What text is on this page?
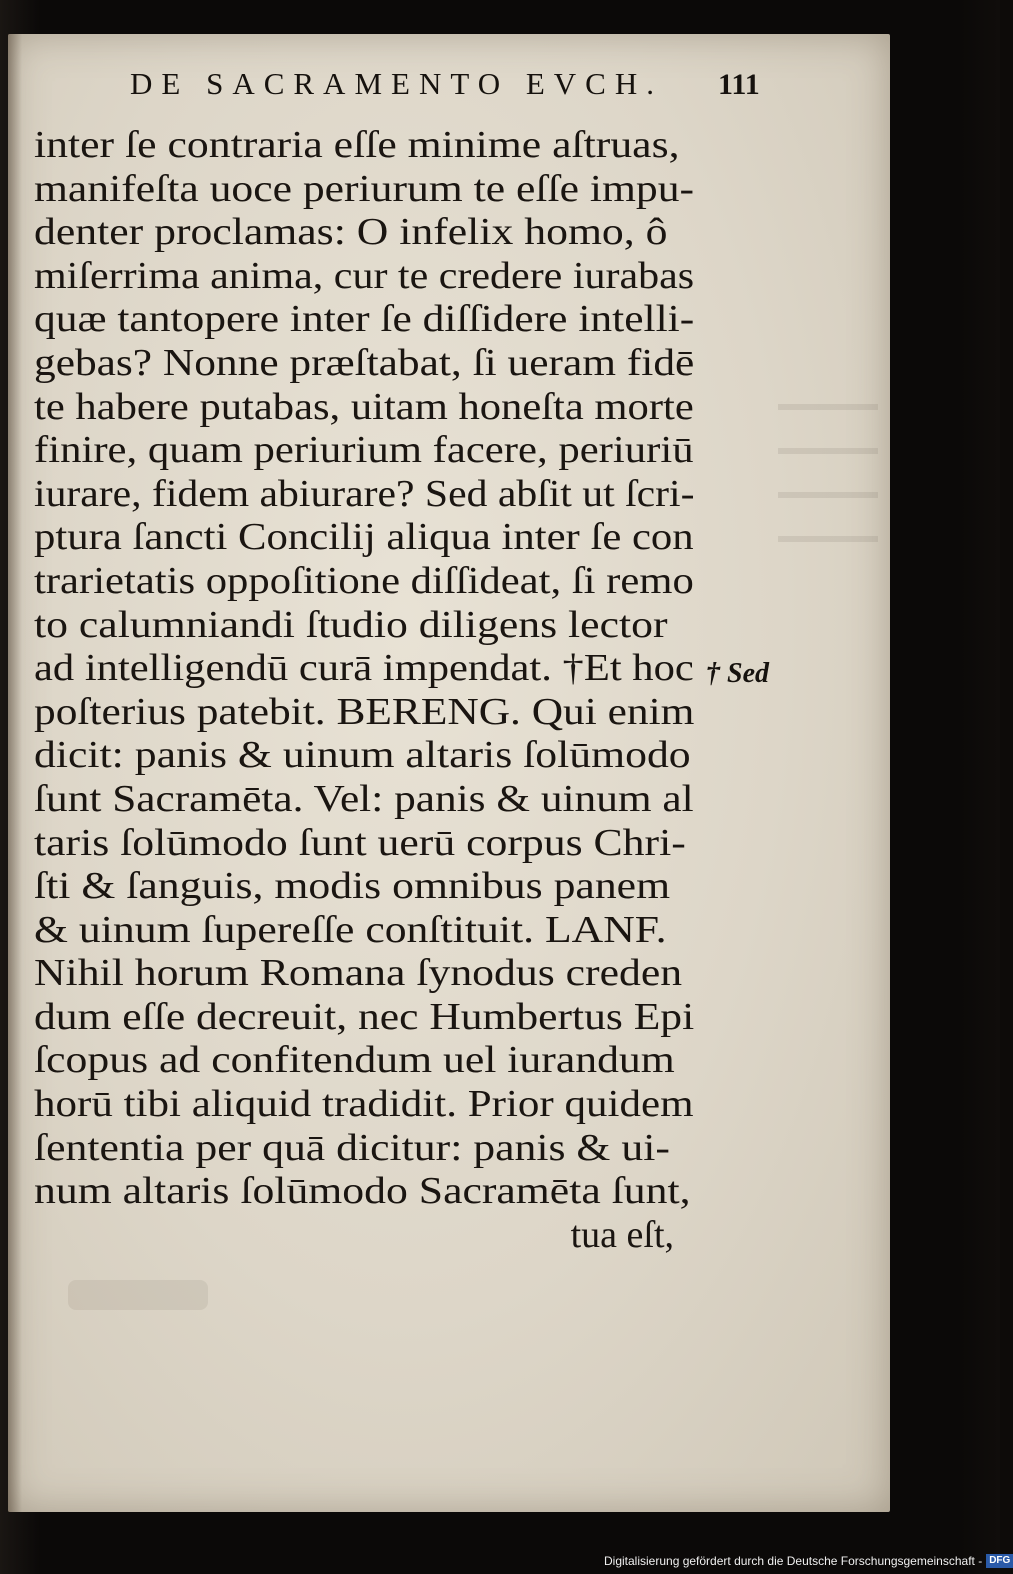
DE SACRAMENTO EVCH. 111
inter ſe contraria eſſe minime aſtruas,
manifeſta uoce periurum te eſſe impu-
denter proclamas: O infelix homo, ô
miſerrima anima, cur te credere iurabas
quæ tantopere inter ſe diſſidere intelli-
gebas? Nonne præſtabat, ſi ueram fidē
te habere putabas, uitam honeſta morte
finire, quam periurium facere, periuriū
iurare, fidem abiurare? Sed abſit ut ſcri-
ptura ſancti Concilij aliqua inter ſe con
trarietatis oppoſitione diſſideat, ſi remo
to calumniandi ſtudio diligens lector
ad intelligendū curā impendat. †Et hoc
poſterius patebit. BERENG. Qui enim
dicit: panis & uinum altaris ſolūmodo
ſunt Sacramēta. Vel: panis & uinum al
taris ſolūmodo ſunt uerū corpus Chri-
ſti & ſanguis, modis omnibus panem
& uinum ſupereſſe conſtituit. LANF.
Nihil horum Romana ſynodus creden
dum eſſe decreuit, nec Humbertus Epi
ſcopus ad confitendum uel iurandum
horū tibi aliquid tradidit. Prior quidem
ſententia per quā dicitur: panis & ui-
num altaris ſolūmodo Sacramēta ſunt,
tua eſt,
† Sed
Digitalisierung gefördert durch die Deutsche Forschungsgemeinschaft - DFG
